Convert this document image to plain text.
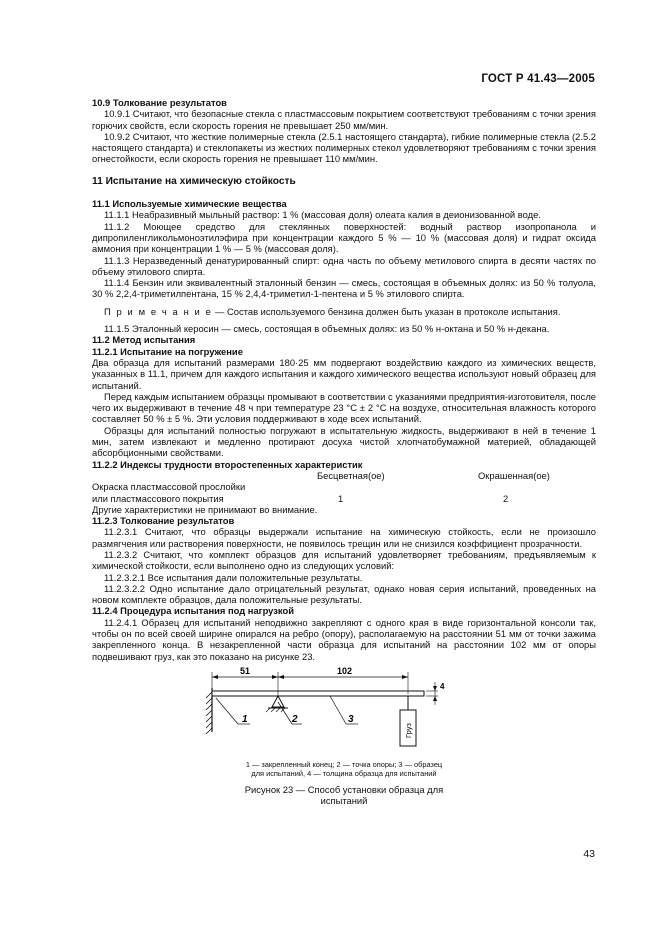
ГОСТ Р 41.43—2005
10.9 Толкование результатов
10.9.1 Считают, что безопасные стекла с пластмассовым покрытием соответствуют требованиям с точки зрения горючих свойств, если скорость горения не превышает 250 мм/мин.
10.9.2 Считают, что жесткие полимерные стекла (2.5.1 настоящего стандарта), гибкие полимерные стекла (2.5.2 настоящего стандарта) и стеклопакеты из жестких полимерных стекол удовлетворяют требованиям с точки зрения огнестойкости, если скорость горения не превышает 110 мм/мин.
11 Испытание на химическую стойкость
11.1 Используемые химические вещества
11.1.1 Неабразивный мыльный раствор: 1 % (массовая доля) олеата калия в деионизованной воде.
11.1.2 Моющее средство для стеклянных поверхностей: водный раствор изопропанола и дипропиленгликольмоноэтилэфира при концентрации каждого 5 % — 10 % (массовая доля) и гидрат оксида аммония при концентрации 1 % — 5 % (массовая доля).
11.1.3 Неразведенный денатурированный спирт: одна часть по объему метилового спирта в десяти частях по объему этилового спирта.
11.1.4 Бензин или эквивалентный эталонный бензин — смесь, состоящая в объемных долях: из 50 % толуола, 30 % 2,2,4-триметилпентана, 15 % 2,4,4-триметил-1-пентена и 5 % этилового спирта.
П р и м е ч а н и е — Состав используемого бензина должен быть указан в протоколе испытания.
11.1.5 Эталонный керосин — смесь, состоящая в объемных долях: из 50 % н-октана и 50 % н-декана.
11.2 Метод испытания
11.2.1 Испытание на погружение
Два образца для испытаний размерами 180·25 мм подвергают воздействию каждого из химических веществ, указанных в 11.1, причем для каждого испытания и каждого химического вещества используют новый образец для испытаний.
Перед каждым испытанием образцы промывают в соответствии с указаниями предприятия-изготовителя, после чего их выдерживают в течение 48 ч при температуре 23 °С ± 2 °С на воздухе, относительная влажность которого составляет 50 % ± 5 %. Эти условия поддерживают в ходе всех испытаний.
Образцы для испытаний полностью погружают в испытательную жидкость, выдерживают в ней в течение 1 мин, затем извлекают и медленно протирают досуха чистой хлопчатобумажной материей, обладающей абсорбционными свойствами.
11.2.2 Индексы трудности второстепенных характеристик
Бесцветная(ое)	Окрашенная(ое)
Окраска пластмассовой прослойки
или пластмассового покрытия	1	2
Другие характеристики не принимают во внимание.
11.2.3 Толкование результатов
11.2.3.1 Считают, что образцы выдержали испытание на химическую стойкость, если не произошло размягчения или растворения поверхности, не появилось трещин или не снизился коэффициент прозрачности.
11.2.3.2 Считают, что комплект образцов для испытаний удовлетворяет требованиям, предъявляемым к химической стойкости, если выполнено одно из следующих условий:
11.2.3.2.1 Все испытания дали положительные результаты.
11.2.3.2.2 Одно испытание дало отрицательный результат, однако новая серия испытаний, проведенных на новом комплекте образцов, дала положительные результаты.
11.2.4 Процедура испытания под нагрузкой
11.2.4.1 Образец для испытаний неподвижно закрепляют с одного края в виде горизонтальной консоли так, чтобы он по всей своей ширине опирался на ребро (опору), располагаемую на расстоянии 51 мм от точки зажима закрепленного конца. В незакрепленной части образца для испытаний на расстоянии 102 мм от опоры подвешивают груз, как это показано на рисунке 23.
51	102
4
Груз
1	2	3
1 — закрепленный конец; 2 — точка опоры; 3 — образец
для испытаний, 4 — толщина образца для испытаний
Рисунок 23 — Способ установки образца для
испытаний
43
